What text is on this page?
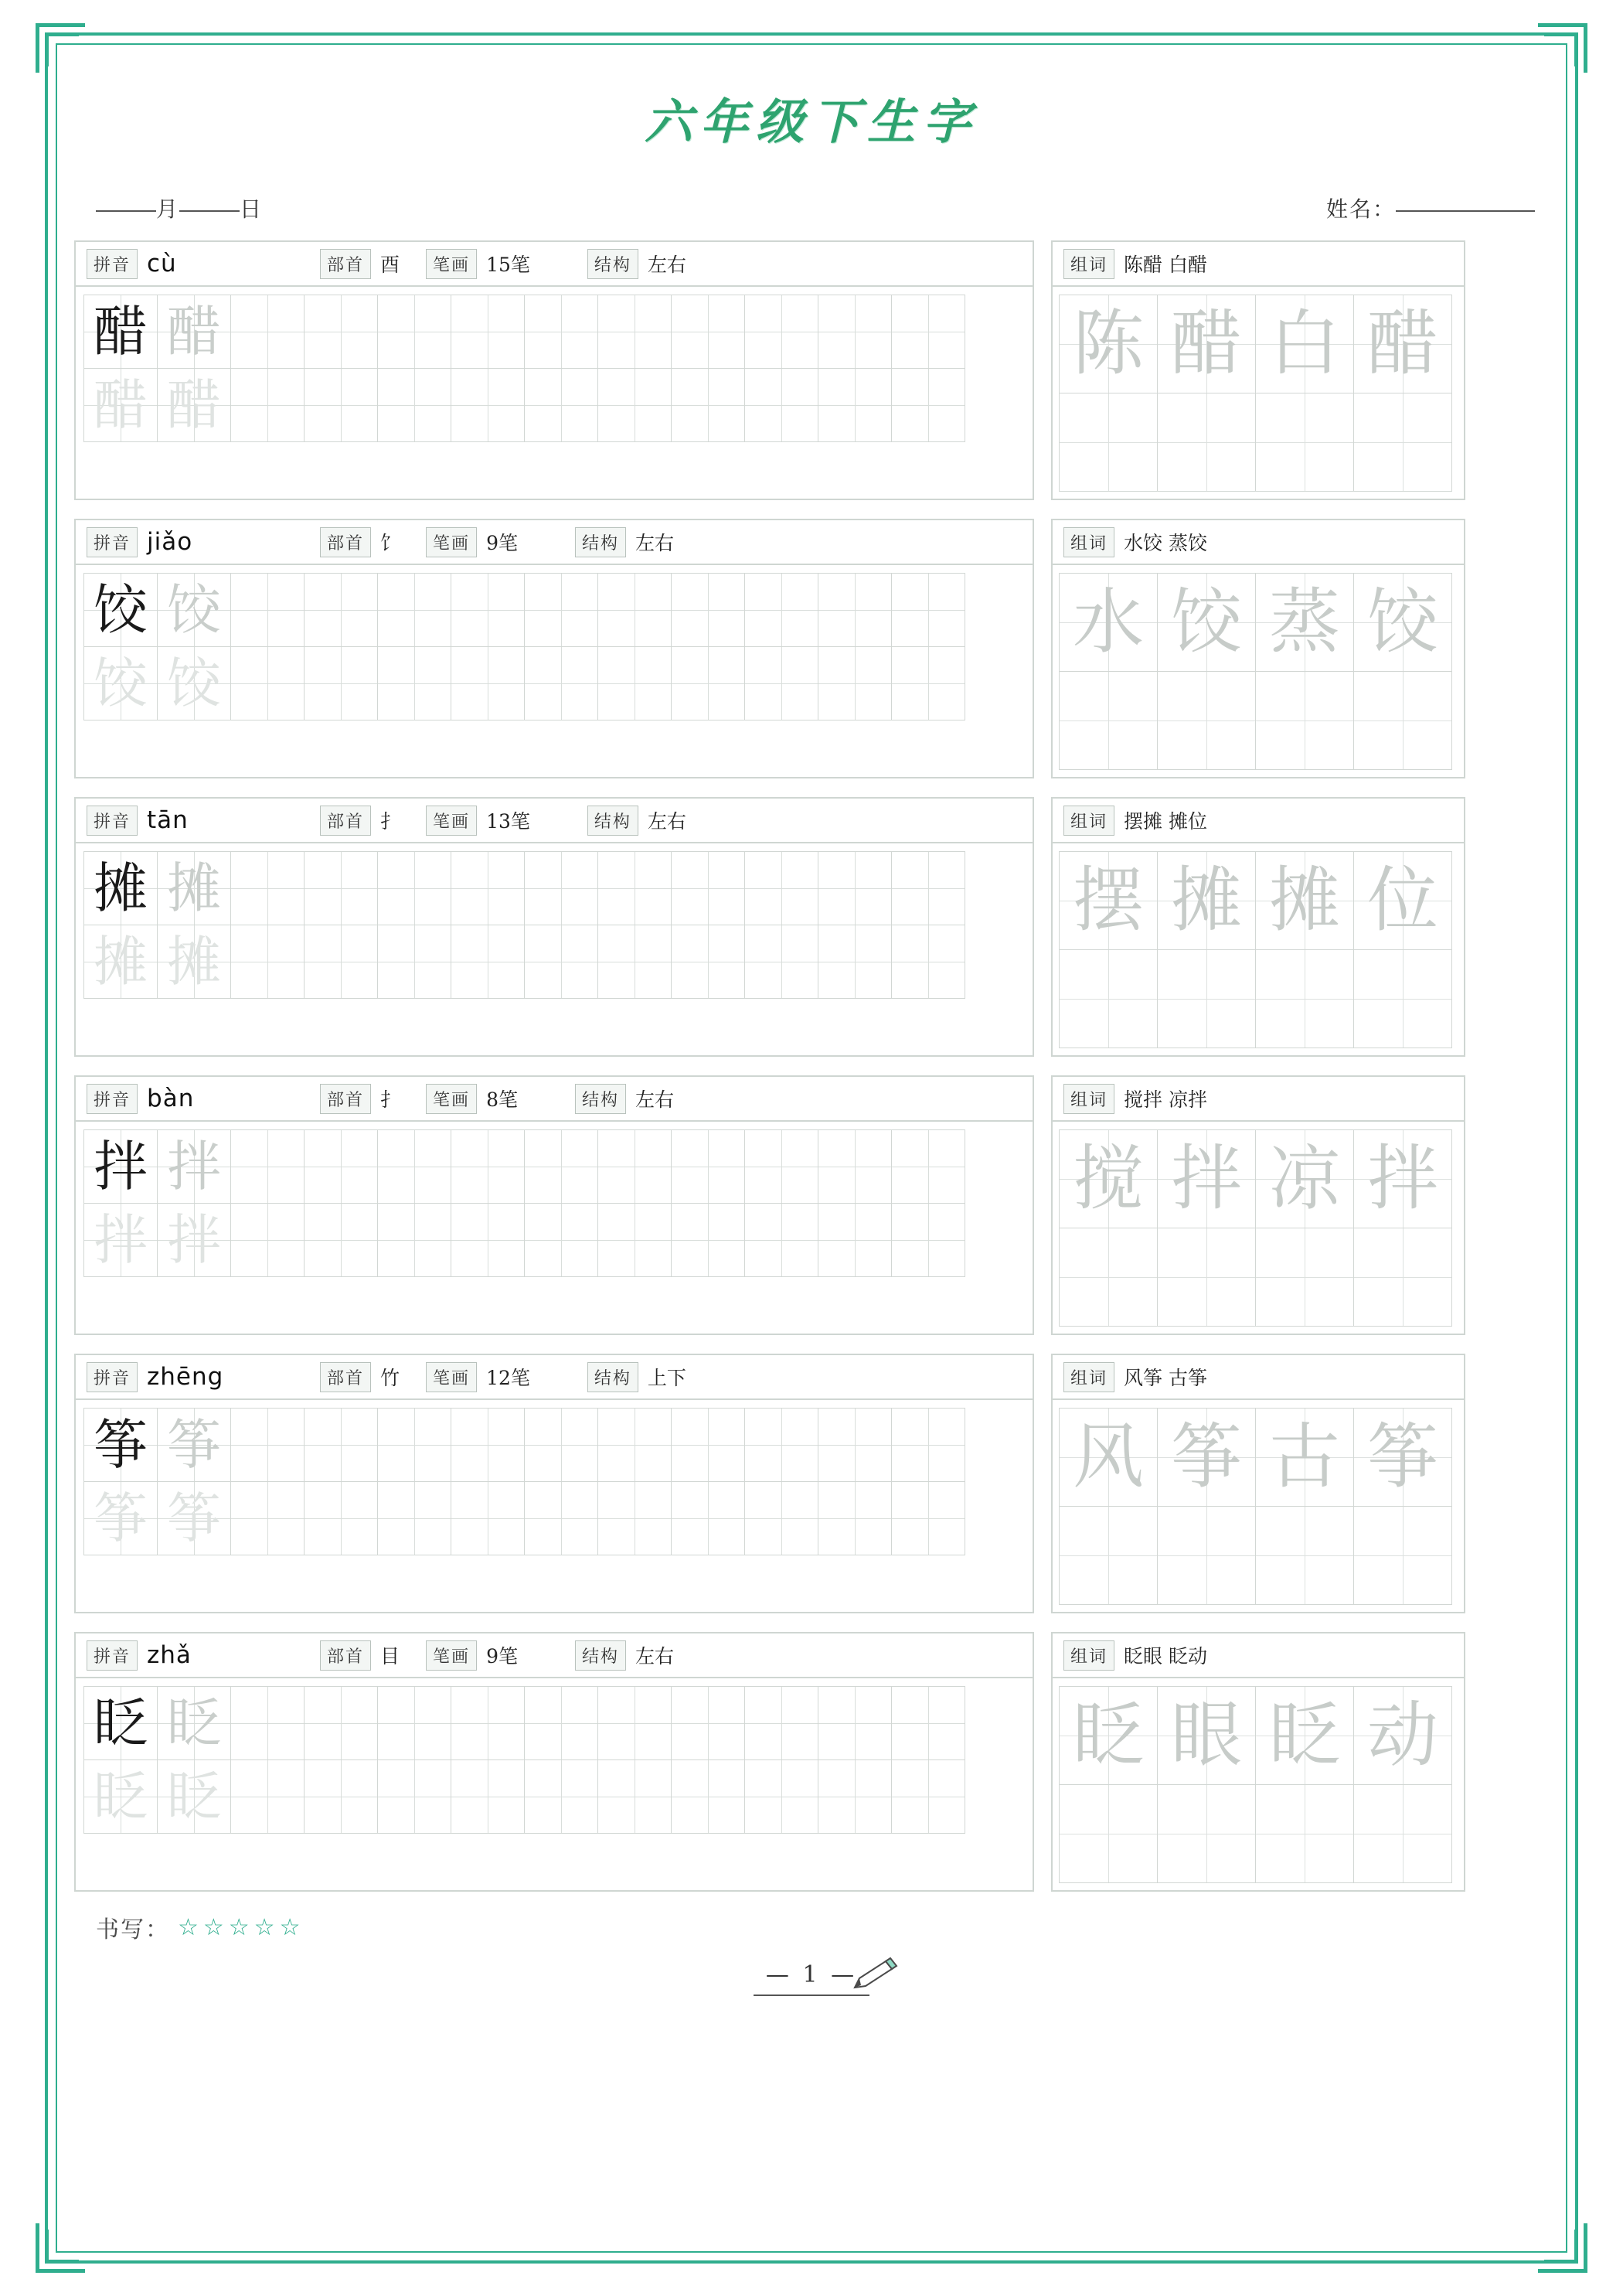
六年级下生字
月	日	姓名：
拼音 cù	部首 酉	笔画 15笔	结构 左右
醋 醋
醋 醋
组词 陈醋 白醋
陈 醋 白 醋
拼音 jiǎo	部首 饣	笔画 9笔	结构 左右
饺 饺
饺 饺
组词 水饺 蒸饺
水 饺 蒸 饺
拼音 tān	部首 扌	笔画 13笔	结构 左右
摊 摊
摊 摊
组词 摆摊 摊位
摆 摊 摊 位
拼音 bàn	部首 扌	笔画 8笔	结构 左右
拌 拌
拌 拌
组词 搅拌 凉拌
搅 拌 凉 拌
拼音 zhēng	部首 竹	笔画 12笔	结构 上下
筝 筝
筝 筝
组词 风筝 古筝
风 筝 古 筝
拼音 zhǎ	部首 目	笔画 9笔	结构 左右
眨 眨
眨 眨
组词 眨眼 眨动
眨 眼 眨 动
书写： ☆☆☆☆☆
— 1 —
